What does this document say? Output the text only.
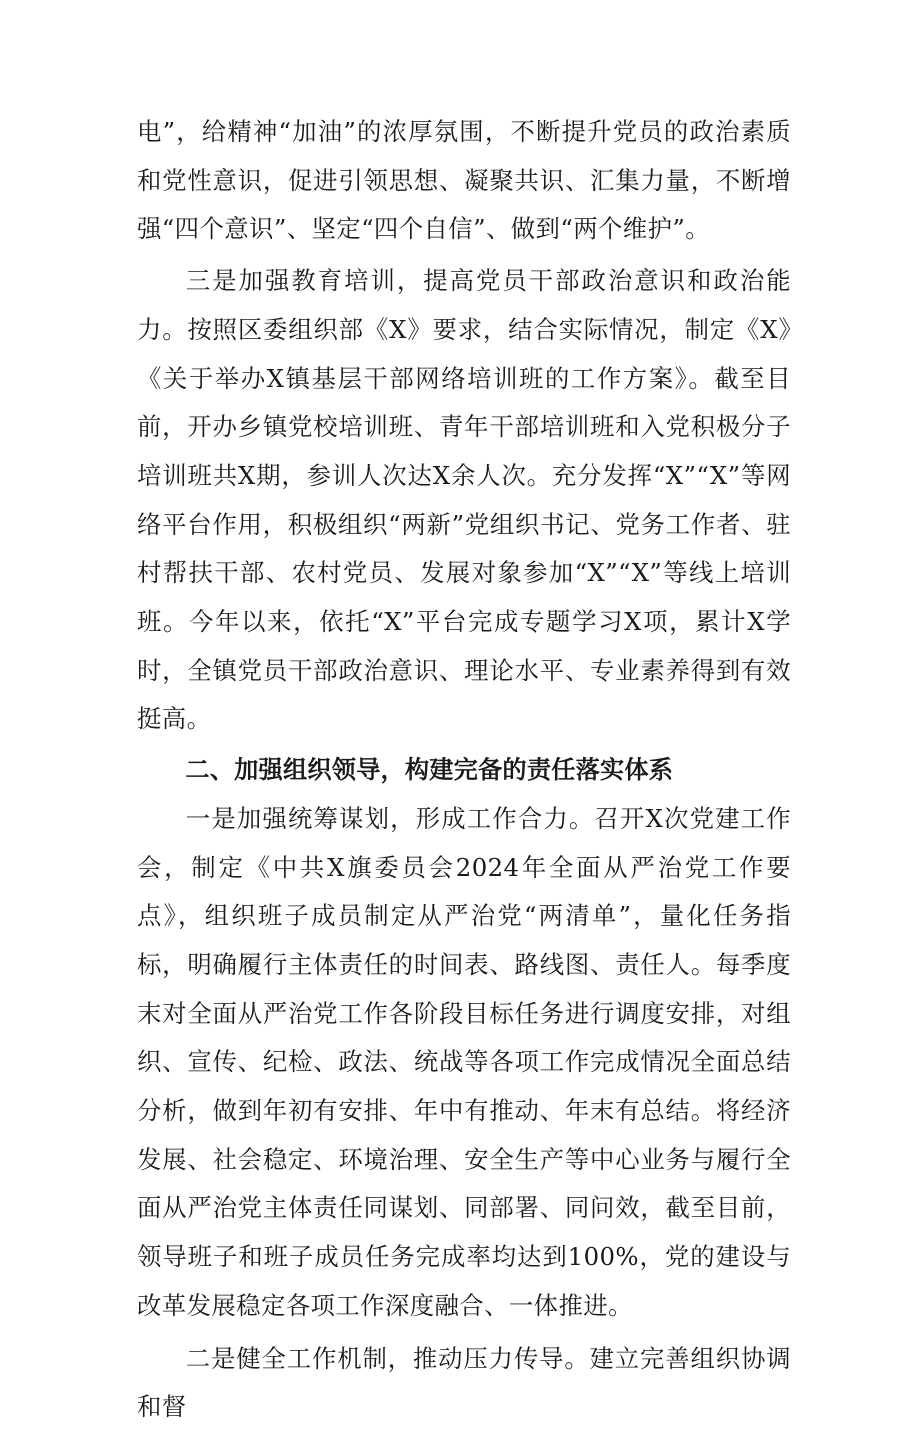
电”，给精神“加油”的浓厚氛围，不断提升党员的政治素质和党性意识，促进引领思想、凝聚共识、汇集力量，不断增强“四个意识”、坚定“四个自信”、做到“两个维护”。

三是加强教育培训，提高党员干部政治意识和政治能力。按照区委组织部《X》要求，结合实际情况，制定《X》《关于举办X镇基层干部网络培训班的工作方案》。截至目前，开办乡镇党校培训班、青年干部培训班和入党积极分子培训班共X期，参训人次达X余人次。充分发挥“X”“X”等网络平台作用，积极组织“两新”党组织书记、党务工作者、驻村帮扶干部、农村党员、发展对象参加“X”“X”等线上培训班。今年以来，依托“X”平台完成专题学习X项，累计X学时，全镇党员干部政治意识、理论水平、专业素养得到有效挺高。

二、加强组织领导，构建完备的责任落实体系

一是加强统筹谋划，形成工作合力。召开X次党建工作会，制定《中共X旗委员会2024年全面从严治党工作要点》，组织班子成员制定从严治党“两清单”，量化任务指标，明确履行主体责任的时间表、路线图、责任人。每季度末对全面从严治党工作各阶段目标任务进行调度安排，对组织、宣传、纪检、政法、统战等各项工作完成情况全面总结分析，做到年初有安排、年中有推动、年末有总结。将经济发展、社会稳定、环境治理、安全生产等中心业务与履行全面从严治党主体责任同谋划、同部署、同问效，截至目前，领导班子和班子成员任务完成率均达到100%，党的建设与改革发展稳定各项工作深度融合、一体推进。

二是健全工作机制，推动压力传导。建立完善组织协调和督
